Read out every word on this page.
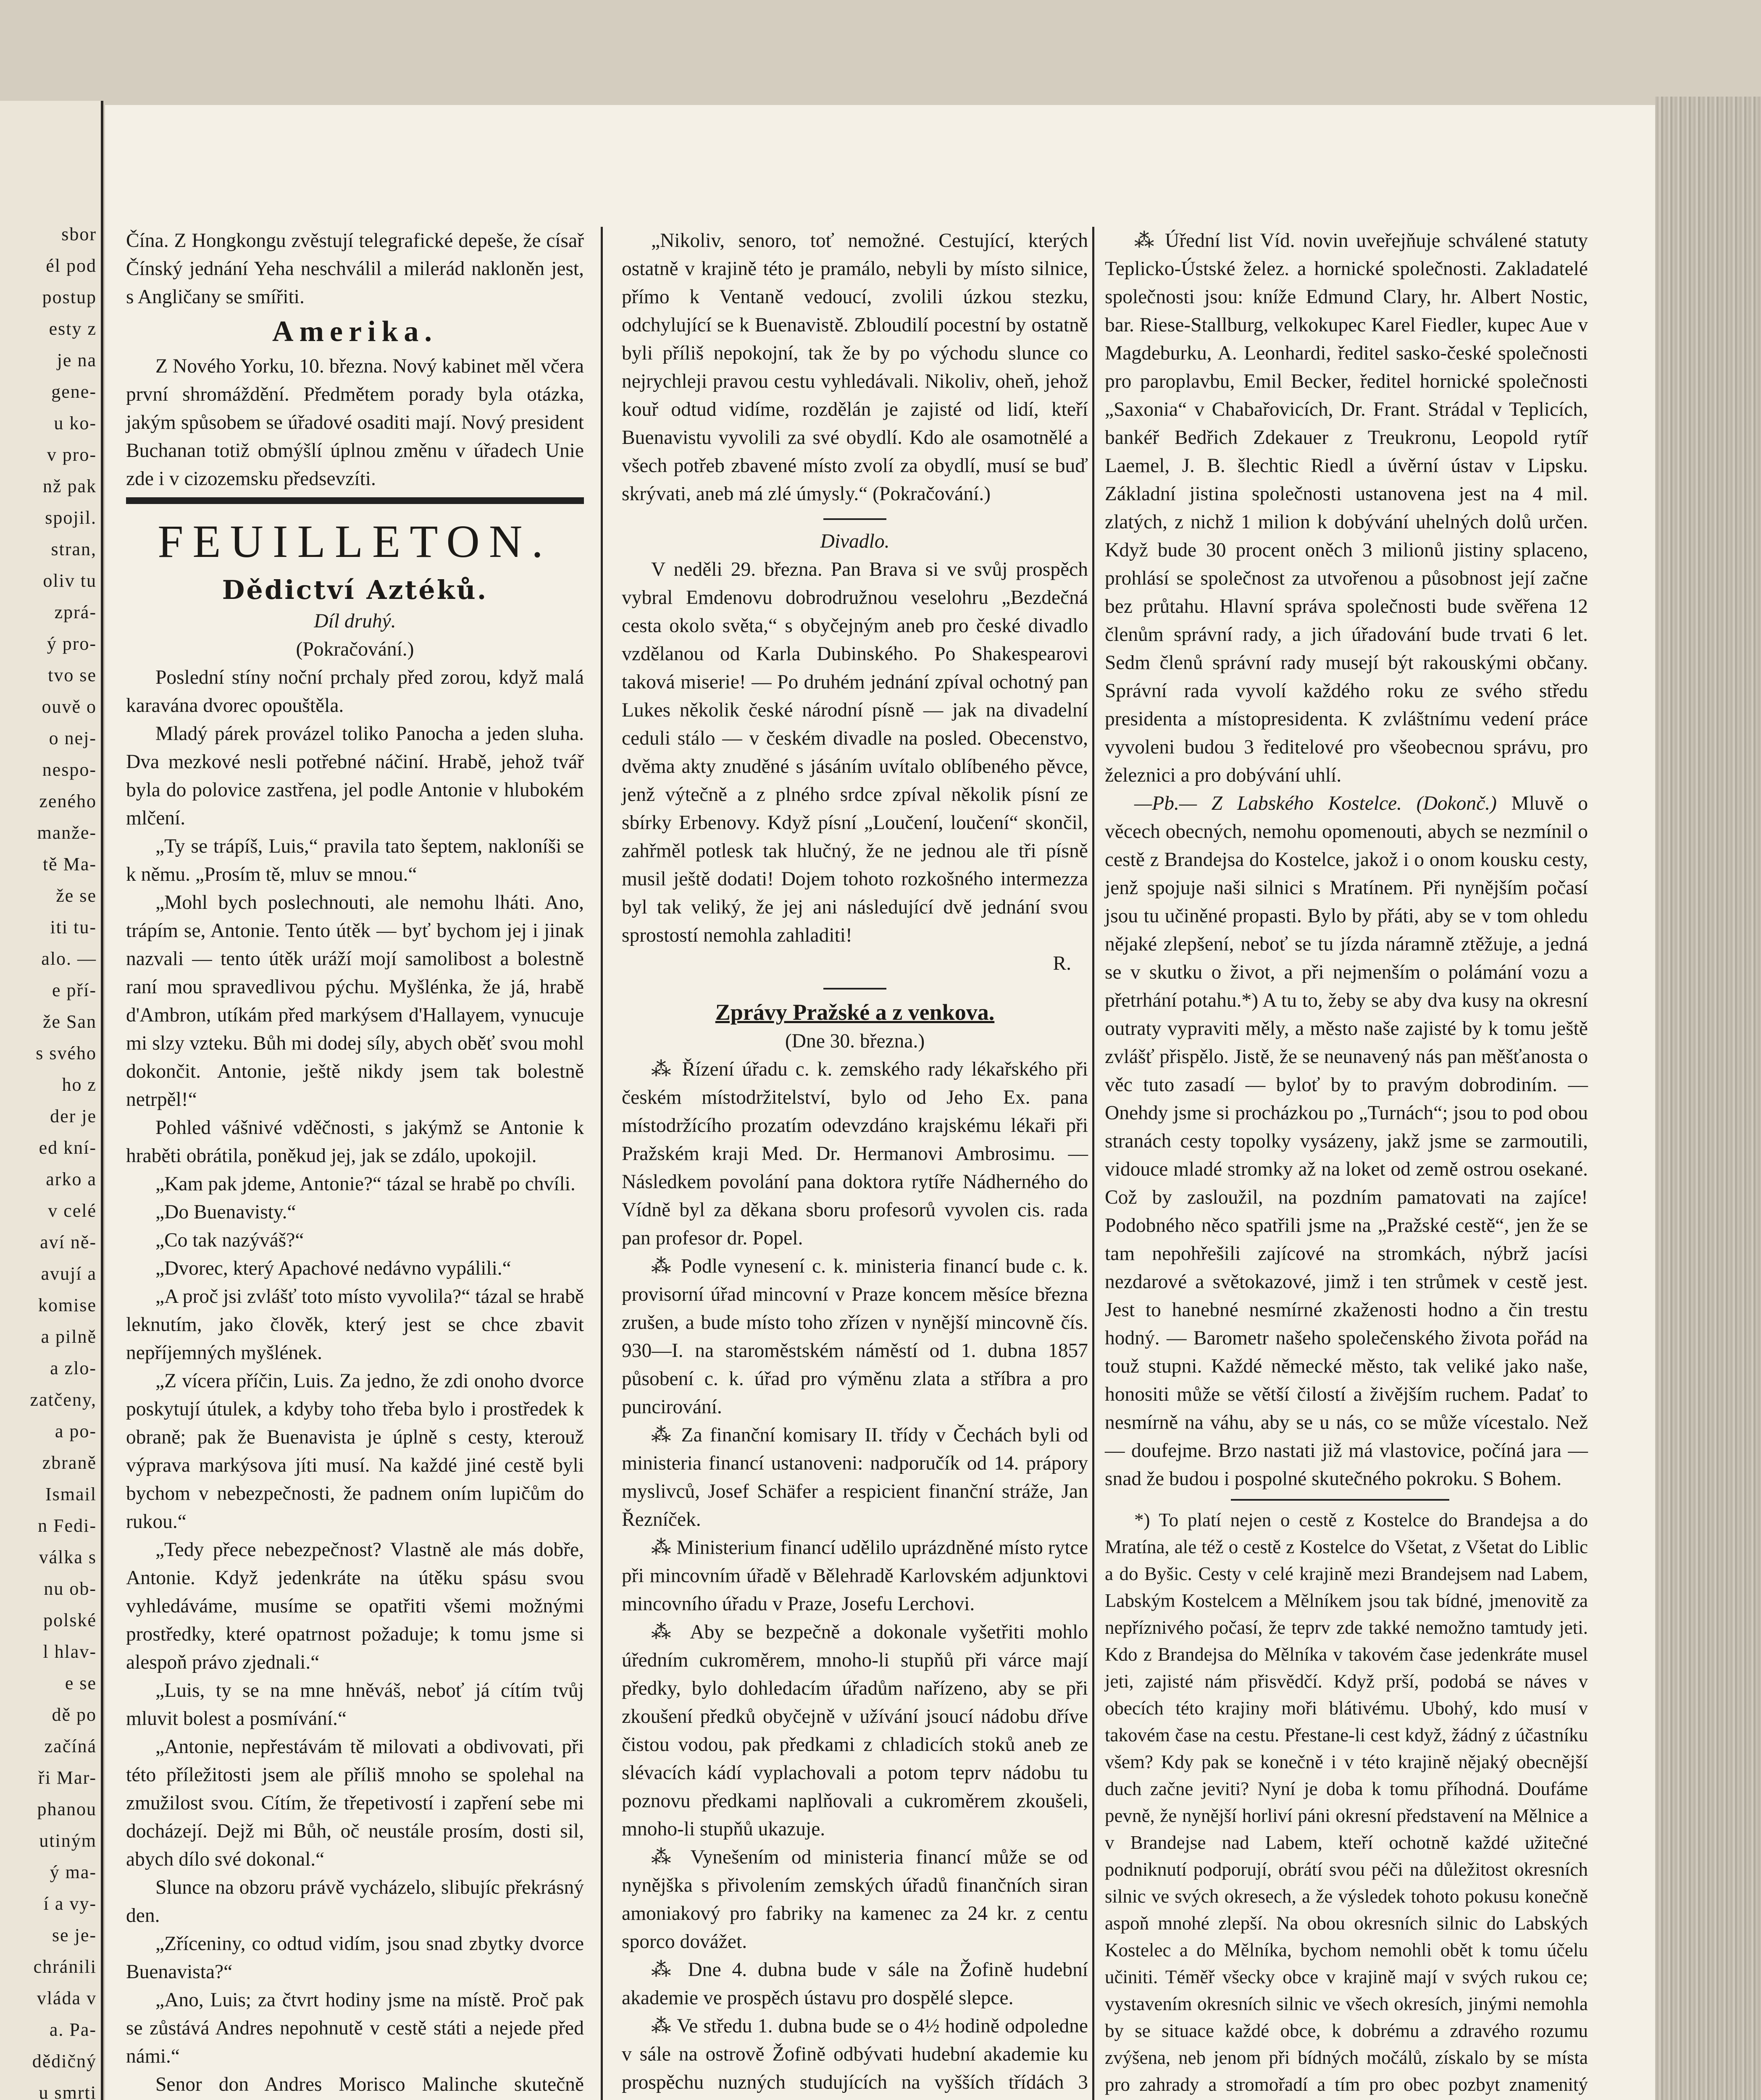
sbor
él pod
postup
esty z
je na
gene-
u ko-
v pro-
nž pak
spojil.
stran,
oliv tu
zprá-
ý pro-
tvo se
ouvě o
o nej-
nespo-
zeného
manže-
tě Ma-
že se
iti tu-
alo. —
e pří-
že San
s svého
ho z
der je
ed kní-
arko a
v celé
aví ně-
avují a
komise
a pilně
a zlo-
zatčeny,
a po-
zbraně
Ismail
n Fedi-
válka s
nu ob-
polské
l hlav-
e se
dě po
začíná
ři Mar-
phanou
utiným
ý ma-
í a vy-
se je-
chránili
vláda v
a. Pa-
dědičný
u smrti

Čína. Z Hongkongu zvěstují telegrafické depeše, že císař Čínský jednání Yeha neschválil a milerád nakloněn jest, s Angličany se smířiti.

Amerika.

Z Nového Yorku, 10. března. Nový kabinet měl včera první shromáždění. Předmětem porady byla otázka, jakým spůsobem se úřadové osaditi mají. Nový president Buchanan totiž obmýšlí úplnou změnu v úřadech Unie zde i v cizozemsku předsevzíti.

FEUILLETON.
Dědictví Aztéků.

Díl druhý.

(Pokračování.)

Poslední stíny noční prchaly před zorou, když malá karavána dvorec opouštěla.

Mladý párek provázel toliko Panocha a jeden sluha. Dva mezkové nesli potřebné náčiní. Hrabě, jehož tvář byla do polovice zastřena, jel podle Antonie v hlubokém mlčení.

„Ty se trápíš, Luis,“ pravila tato šeptem, nakloníši se k němu. „Prosím tě, mluv se mnou.“

„Mohl bych poslechnouti, ale nemohu lháti. Ano, trápím se, Antonie. Tento útěk — byť bychom jej i jinak nazvali — tento útěk uráží mojí samolibost a bolestně raní mou spravedlivou pýchu. Myšlénka, že já, hrabě d'Ambron, utíkám před markýsem d'Hallayem, vynucuje mi slzy vzteku. Bůh mi dodej síly, abych oběť svou mohl dokončit. Antonie, ještě nikdy jsem tak bolestně netrpěl!“

Pohled vášnivé vděčnosti, s jakýmž se Antonie k hraběti obrátila, poněkud jej, jak se zdálo, upokojil.

„Kam pak jdeme, Antonie?“ tázal se hrabě po chvíli.

„Do Buenavisty.“

„Co tak nazýváš?“

„Dvorec, který Apachové nedávno vypálili.“

„A proč jsi zvlášť toto místo vyvolila?“ tázal se hrabě leknutím, jako člověk, který jest se chce zbavit nepříjemných myšlének.

„Z vícera příčin, Luis. Za jedno, že zdi onoho dvorce poskytují útulek, a kdyby toho třeba bylo i prostředek k obraně; pak že Buenavista je úplně s cesty, kterouž výprava markýsova jíti musí. Na každé jiné cestě byli bychom v nebezpečnosti, že padnem oním lupičům do rukou.“

„Tedy přece nebezpečnost? Vlastně ale más dobře, Antonie. Když jedenkráte na útěku spásu svou vyhledáváme, musíme se opatřiti všemi možnými prostředky, které opatrnost požaduje; k tomu jsme si alespoň právo zjednali.“

„Luis, ty se na mne hněváš, neboť já cítím tvůj mluvit bolest a posmívání.“

„Antonie, nepřestávám tě milovati a obdivovati, při této příležitosti jsem ale příliš mnoho se spolehal na zmužilost svou. Cítím, že třepetivostí i zapření sebe mi docházejí. Dejž mi Bůh, oč neustále prosím, dosti sil, abych dílo své dokonal.“

Slunce na obzoru právě vycházelo, slibujíc překrásný den.

„Zříceniny, co odtud vidím, jsou snad zbytky dvorce Buenavista?“

„Ano, Luis; za čtvrt hodiny jsme na místě. Proč pak se zůstává Andres nepohnutě v cestě státi a nejede před námi.“

Senor don Andres Morisco Malinche skutečně

„Nikoliv, senoro, toť nemožné. Cestující, kterých ostatně v krajině této je pramálo, nebyli by místo silnice, přímo k Ventaně vedoucí, zvolili úzkou stezku, odchylující se k Buenavistě. Zbloudilí pocestní by ostatně byli příliš nepokojní, tak že by po východu slunce co nejrychleji pravou cestu vyhledávali. Nikoliv, oheň, jehož kouř odtud vidíme, rozdělán je zajisté od lidí, kteří Buenavistu vyvolili za své obydlí. Kdo ale osamotnělé a všech potřeb zbavené místo zvolí za obydlí, musí se buď skrývati, aneb má zlé úmysly.“ (Pokračování.)

Divadlo.

V neděli 29. března. Pan Brava si ve svůj prospěch vybral Emdenovu dobrodružnou veselohru „Bezdečná cesta okolo světa,“ s obyčejným aneb pro české divadlo vzdělanou od Karla Dubinského. Po Shakespearovi taková miserie! — Po druhém jednání zpíval ochotný pan Lukes několik české národní písně — jak na divadelní ceduli stálo — v českém divadle na posled. Obecenstvo, dvěma akty znuděné s jásáním uvítalo oblíbeného pěvce, jenž výtečně a z plného srdce zpíval několik písní ze sbírky Erbenovy. Když písní „Loučení, loučení“ skončil, zahřměl potlesk tak hlučný, že ne jednou ale tři písně musil ještě dodati! Dojem tohoto rozkošného intermezza byl tak veliký, že jej ani následující dvě jednání svou sprostostí nemohla zahladiti!

R.

Zprávy Pražské a z venkova.

(Dne 30. března.)

⁂ Řízení úřadu c. k. zemského rady lékařského při českém místodržitelství, bylo od Jeho Ex. pana místodržícího prozatím odevzdáno krajskému lékaři při Pražském kraji Med. Dr. Hermanovi Ambrosimu. — Následkem povolání pana doktora rytíře Nádherného do Vídně byl za děkana sboru profesorů vyvolen cis. rada pan profesor dr. Popel.

⁂ Podle vynesení c. k. ministeria financí bude c. k. provisorní úřad mincovní v Praze koncem měsíce března zrušen, a bude místo toho zřízen v nynější mincovně čís. 930—I. na staroměstském náměstí od 1. dubna 1857 působení c. k. úřad pro výměnu zlata a stříbra a pro puncirování.

⁂ Za finanční komisary II. třídy v Čechách byli od ministeria financí ustanoveni: nadporučík od 14. prápory myslivců, Josef Schäfer a respicient finanční stráže, Jan Řezníček.

⁂ Ministerium financí udělilo uprázdněné místo rytce při mincovním úřadě v Bělehradě Karlovském adjunktovi mincovního úřadu v Praze, Josefu Lerchovi.

⁂ Aby se bezpečně a dokonale vyšetřiti mohlo úředním cukroměrem, mnoho-li stupňů při várce mají předky, bylo dohledacím úřadům nařízeno, aby se při zkoušení předků obyčejně v užívání jsoucí nádobu dříve čistou vodou, pak předkami z chladicích stoků aneb ze slévacích kádí vyplachovali a potom teprv nádobu tu poznovu předkami naplňovali a cukroměrem zkoušeli, mnoho-li stupňů ukazuje.

⁂ Vynešením od ministeria financí může se od nynějška s přivolením zemských úřadů finančních siran amoniakový pro fabriky na kamenec za 24 kr. z centu sporco dovážet.

⁂ Dne 4. dubna bude v sále na Žofině hudební akademie ve prospěch ústavu pro dospělé slepce.

⁂ Ve středu 1. dubna bude se o 4½ hodině odpoledne v sále na ostrově Žofině odbývati hudební akademie ku prospěchu nuzných studujících na vyšších třídách 3

⁂ Úřední list Víd. novin uveřejňuje schválené statuty Teplicko-Ústské želez. a hornické společnosti. Zakladatelé společnosti jsou: kníže Edmund Clary, hr. Albert Nostic, bar. Riese-Stallburg, velkokupec Karel Fiedler, kupec Aue v Magdeburku, A. Leonhardi, ředitel sasko-české společnosti pro paroplavbu, Emil Becker, ředitel hornické společnosti „Saxonia“ v Chabařovicích, Dr. Frant. Strádal v Teplicích, bankéř Bedřich Zdekauer z Treukronu, Leopold rytíř Laemel, J. B. šlechtic Riedl a úvěrní ústav v Lipsku. Základní jistina společnosti ustanovena jest na 4 mil. zlatých, z nichž 1 milion k dobývání uhelných dolů určen. Když bude 30 procent oněch 3 milionů jistiny splaceno, prohlásí se společnost za utvořenou a působnost její začne bez průtahu. Hlavní správa společnosti bude svěřena 12 členům správní rady, a jich úřadování bude trvati 6 let. Sedm členů správní rady musejí být rakouskými občany. Správní rada vyvolí každého roku ze svého středu presidenta a místopresidenta. K zvláštnímu vedení práce vyvoleni budou 3 ředitelové pro všeobecnou správu, pro železnici a pro dobývání uhlí.

—Pb.— Z Labského Kostelce. (Dokonč.) Mluvě o věcech obecných, nemohu opomenouti, abych se nezmínil o cestě z Brandejsa do Kostelce, jakož i o onom kousku cesty, jenž spojuje naši silnici s Mratínem. Při nynějším počasí jsou tu učiněné propasti. Bylo by přáti, aby se v tom ohledu nějaké zlepšení, neboť se tu jízda náramně ztěžuje, a jedná se v skutku o život, a při nejmenším o polámání vozu a přetrhání potahu.*) A tu to, žeby se aby dva kusy na okresní outraty vypraviti měly, a město naše zajisté by k tomu ještě zvlášť přispělo. Jistě, že se neunavený nás pan měšťanosta o věc tuto zasadí — byloť by to pravým dobrodiním. — Onehdy jsme si procházkou po „Turnách“; jsou to pod obou stranách cesty topolky vysázeny, jakž jsme se zarmoutili, vidouce mladé stromky až na loket od země ostrou osekané. Což by zasloužil, na pozdním pamatovati na zajíce! Podobného něco spatřili jsme na „Pražské cestě“, jen že se tam nepohřešili zajícové na stromkách, nýbrž jacísi nezdarové a světokazové, jimž i ten strůmek v cestě jest. Jest to hanebné nesmírné zkaženosti hodno a čin trestu hodný. — Barometr našeho společenského života pořád na touž stupni. Každé německé město, tak veliké jako naše, honositi může se větší čilostí a živějším ruchem. Padať to nesmírně na váhu, aby se u nás, co se může vícestalo. Než — doufejme. Brzo nastati již má vlastovice, počíná jara — snad že budou i pospolné skutečného pokroku. S Bohem.

*) To platí nejen o cestě z Kostelce do Brandejsa a do Mratína, ale též o cestě z Kostelce do Všetat, z Všetat do Liblic a do Byšic. Cesty v celé krajině mezi Brandejsem nad Labem, Labským Kostelcem a Mělníkem jsou tak bídné, jmenovitě za nepříznivého počasí, že teprv zde takké nemožno tamtudy jeti. Kdo z Brandejsa do Mělníka v takovém čase jedenkráte musel jeti, zajisté nám přisvědčí. Když prší, podobá se náves v obecích této krajiny moři blátivému. Ubohý, kdo musí v takovém čase na cestu. Přestane-li cest když, žádný z účastníku všem? Kdy pak se konečně i v této krajině nějaký obecnější duch začne jeviti? Nyní je doba k tomu příhodná. Doufáme pevně, že nynější horliví páni okresní představení na Mělnice a v Brandejse nad Labem, kteří ochotně každé užitečné podniknutí podporují, obrátí svou péči na důležitost okresních silnic ve svých okresech, a že výsledek tohoto pokusu konečně aspoň mnohé zlepší. Na obou okresních silnic do Labských Kostelec a do Mělníka, bychom nemohli obět k tomu účelu učiniti. Téměř všecky obce v krajině mají v svých rukou ce; vystavením okresních silnic ve všech okresích, jinými nemohla by se situace každé obce, k dobrému a zdravého rozumu zvýšena, neb jenom při bídných močálů, získalo by se místa pro zahrady a stromořadí a tím pro obec pozbyt znamenitý
